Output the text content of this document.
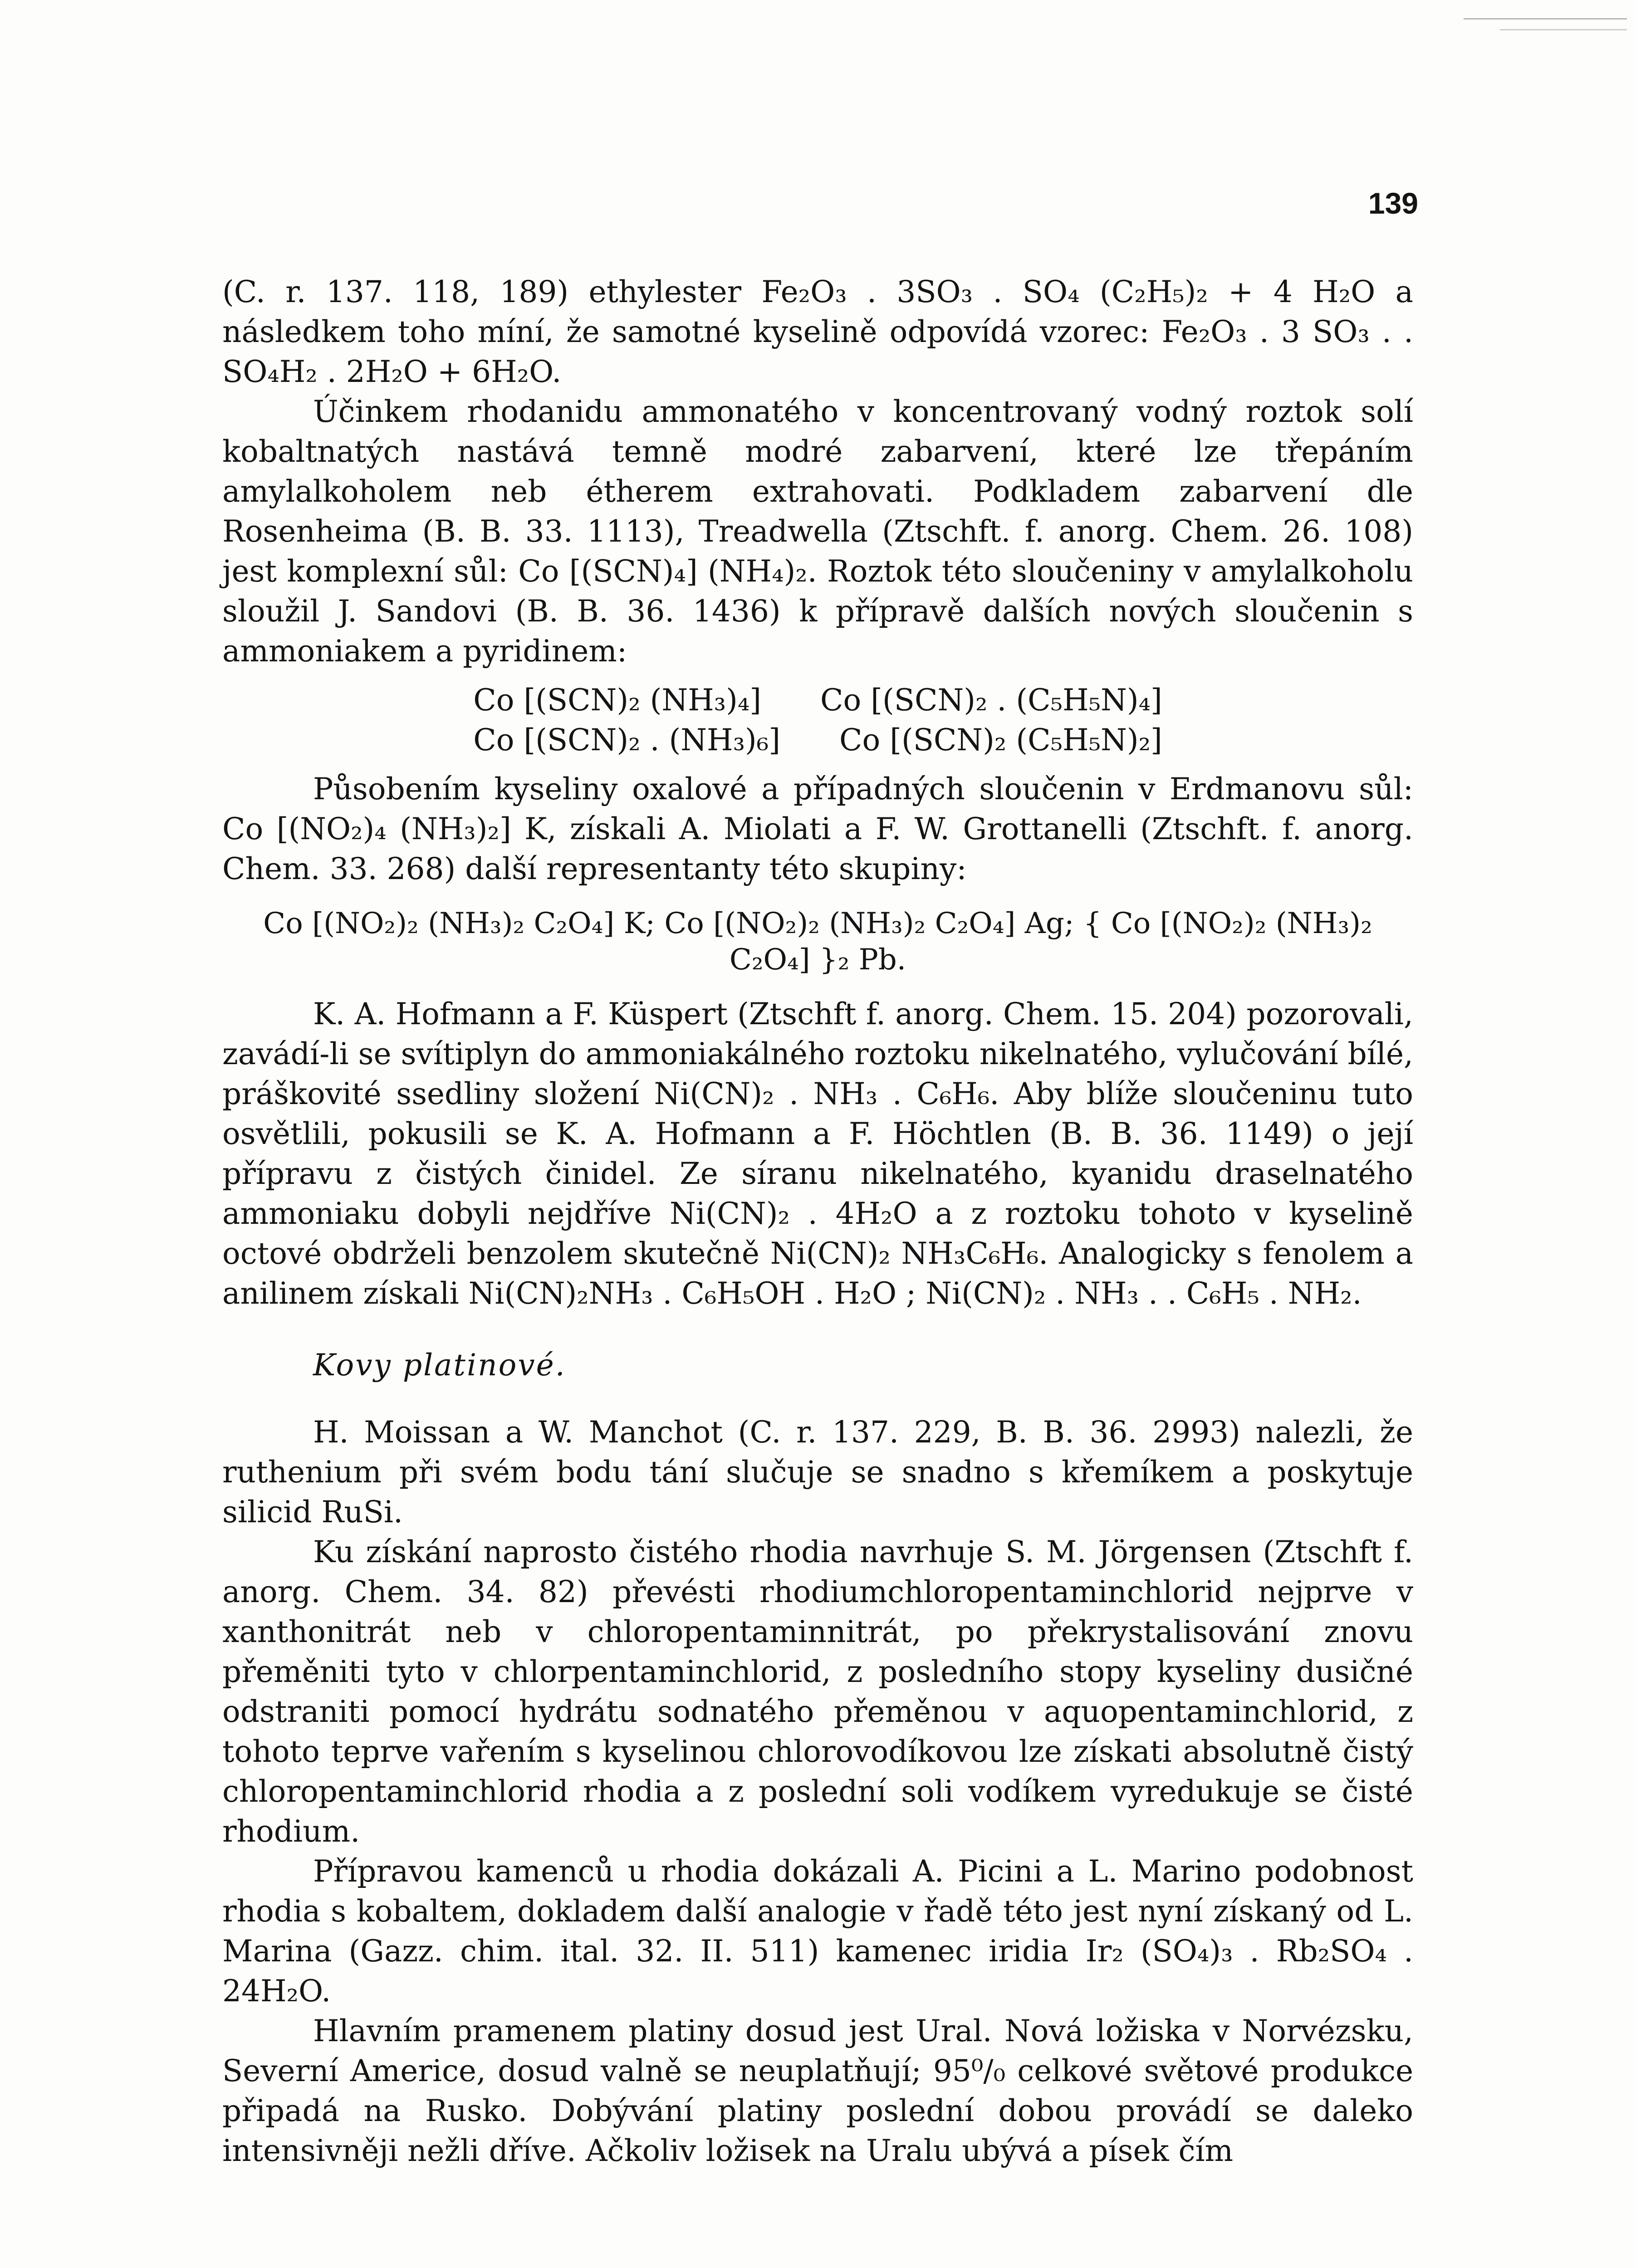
139

(C. r. 137. 118, 189) ethylester Fe₂O₃ . 3SO₃ . SO₄ (C₂H₅)₂ + 4 H₂O a následkem toho míní, že samotné kyselině odpovídá vzorec: Fe₂O₃ . 3 SO₃ . . SO₄H₂ . 2H₂O + 6H₂O.

Účinkem rhodanidu ammonatého v koncentrovaný vodný roztok solí kobaltnatých nastává temně modré zabarvení, které lze třepáním amylalkoholem neb étherem extrahovati. Podkladem zabarvení dle Rosenheima (B. B. 33. 1113), Treadwella (Ztschft. f. anorg. Chem. 26. 108) jest komplexní sůl: Co [(SCN)₄] (NH₄)₂. Roztok této sloučeniny v amylalkoholu sloužil J. Sandovi (B. B. 36. 1436) k přípravě dalších nových sloučenin s ammoniakem a pyridinem:

Co [(SCN)₂ (NH₃)₄] Co [(SCN)₂ . (C₅H₅N)₄]
Co [(SCN)₂ . (NH₃)₆] Co [(SCN)₂ (C₅H₅N)₂]

Působením kyseliny oxalové a případných sloučenin v Erdmanovu sůl: Co [(NO₂)₄ (NH₃)₂] K, získali A. Miolati a F. W. Grottanelli (Ztschft. f. anorg. Chem. 33. 268) další representanty této skupiny:

Co [(NO₂)₂ (NH₃)₂ C₂O₄] K; Co [(NO₂)₂ (NH₃)₂ C₂O₄] Ag; { Co [(NO₂)₂ (NH₃)₂ C₂O₄] }₂ Pb.

K. A. Hofmann a F. Küspert (Ztschft f. anorg. Chem. 15. 204) pozorovali, zavádí-li se svítiplyn do ammoniakálného roztoku nikelnatého, vylučování bílé, práškovité ssedliny složení Ni(CN)₂ . NH₃ . C₆H₆. Aby blíže sloučeninu tuto osvětlili, pokusili se K. A. Hofmann a F. Höchtlen (B. B. 36. 1149) o její přípravu z čistých činidel. Ze síranu nikelnatého, kyanidu draselnatého ammoniaku dobyli nejdříve Ni(CN)₂ . 4H₂O a z roztoku tohoto v kyselině octové obdrželi benzolem skutečně Ni(CN)₂ NH₃C₆H₆. Analogicky s fenolem a anilinem získali Ni(CN)₂NH₃ . C₆H₅OH . H₂O ; Ni(CN)₂ . NH₃ . . C₆H₅ . NH₂.

Kovy platinové.

H. Moissan a W. Manchot (C. r. 137. 229, B. B. 36. 2993) nalezli, že ruthenium při svém bodu tání slučuje se snadno s křemíkem a poskytuje silicid RuSi.

Ku získání naprosto čistého rhodia navrhuje S. M. Jörgensen (Ztschft f. anorg. Chem. 34. 82) převésti rhodiumchloropentaminchlorid nejprve v xanthonitrát neb v chloropentaminnitrát, po překrystalisování znovu přeměniti tyto v chlorpentaminchlorid, z posledního stopy kyseliny dusičné odstraniti pomocí hydrátu sodnatého přeměnou v aquopentaminchlorid, z tohoto teprve vařením s kyselinou chlorovodíkovou lze získati absolutně čistý chloropentaminchlorid rhodia a z poslední soli vodíkem vyredukuje se čisté rhodium.

Přípravou kamenců u rhodia dokázali A. Picini a L. Marino podobnost rhodia s kobaltem, dokladem další analogie v řadě této jest nyní získaný od L. Marina (Gazz. chim. ital. 32. II. 511) kamenec iridia Ir₂ (SO₄)₃ . Rb₂SO₄ . 24H₂O.

Hlavním pramenem platiny dosud jest Ural. Nová ložiska v Norvézsku, Severní Americe, dosud valně se neuplatňují; 95⁰/₀ celkové světové produkce připadá na Rusko. Dobývání platiny poslední dobou provádí se daleko intensivněji nežli dříve. Ačkoliv ložisek na Uralu ubývá a písek čím
